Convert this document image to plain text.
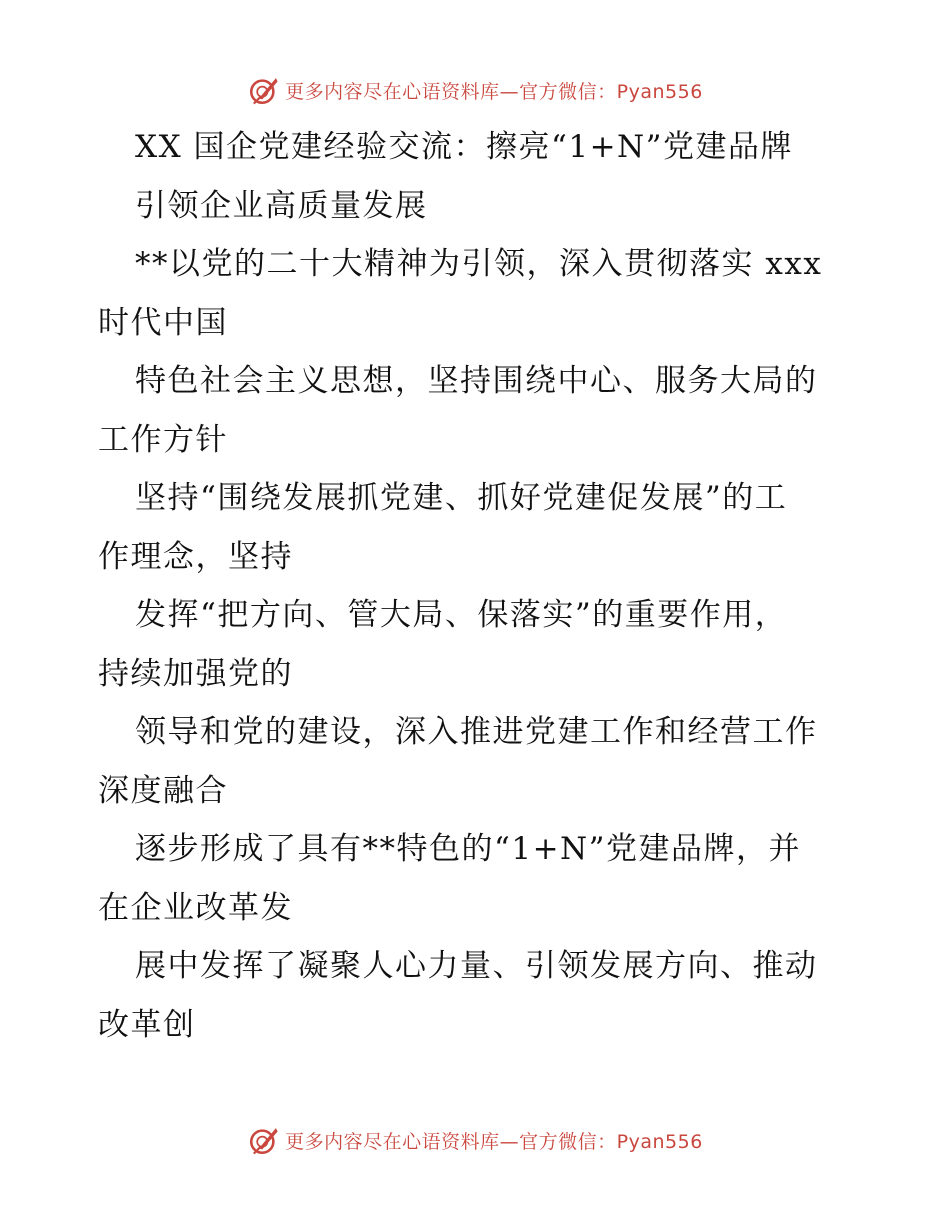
更多内容尽在心语资料库—官方微信：Pyan556
XX 国企党建经验交流：擦亮“1+N”党建品牌
引领企业高质量发展
**以党的二十大精神为引领，深入贯彻落实 xxx
时代中国
特色社会主义思想，坚持围绕中心、服务大局的
工作方针
坚持“围绕发展抓党建、抓好党建促发展”的工
作理念，坚持
发挥“把方向、管大局、保落实”的重要作用，
持续加强党的
领导和党的建设，深入推进党建工作和经营工作
深度融合
逐步形成了具有**特色的“1+N”党建品牌，并
在企业改革发
展中发挥了凝聚人心力量、引领发展方向、推动
改革创
更多内容尽在心语资料库—官方微信：Pyan556
